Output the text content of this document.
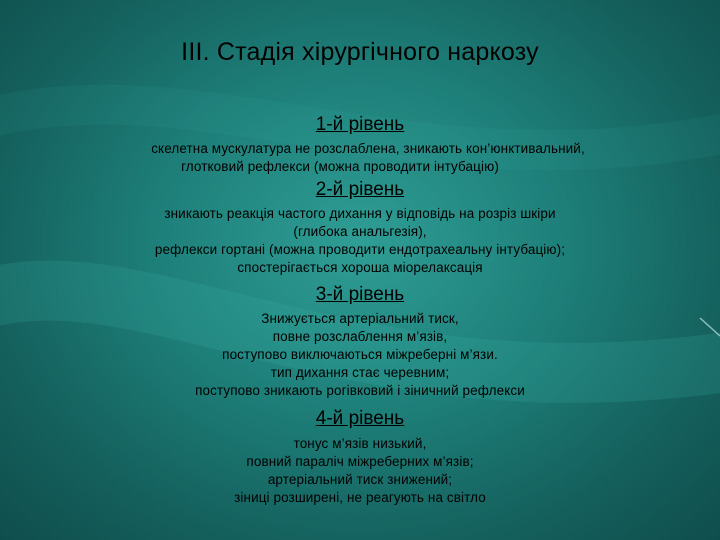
ІІІ. Стадія хірургічного наркозу
1-й рівень
скелетна мускулатура не розслаблена, зникають кон’юнктивальний,
глотковий рефлекси (можна проводити інтубацію)
2-й рівень
зникають реакція частого дихання у відповідь на розріз шкіри
(глибока анальгезія),
рефлекси гортані (можна проводити ендотрахеальну інтубацію);
спостерігається хороша міорелаксація
3-й рівень
Знижується артеріальний тиск,
повне розслаблення м’язів,
поступово виключаються міжреберні м’язи.
тип дихання стає черевним;
поступово зникають рогівковий і зіничний рефлекси
4-й рівень
тонус м’язів низький,
повний параліч міжреберних м’язів;
артеріальний тиск знижений;
зіниці розширені, не реагують на світло
